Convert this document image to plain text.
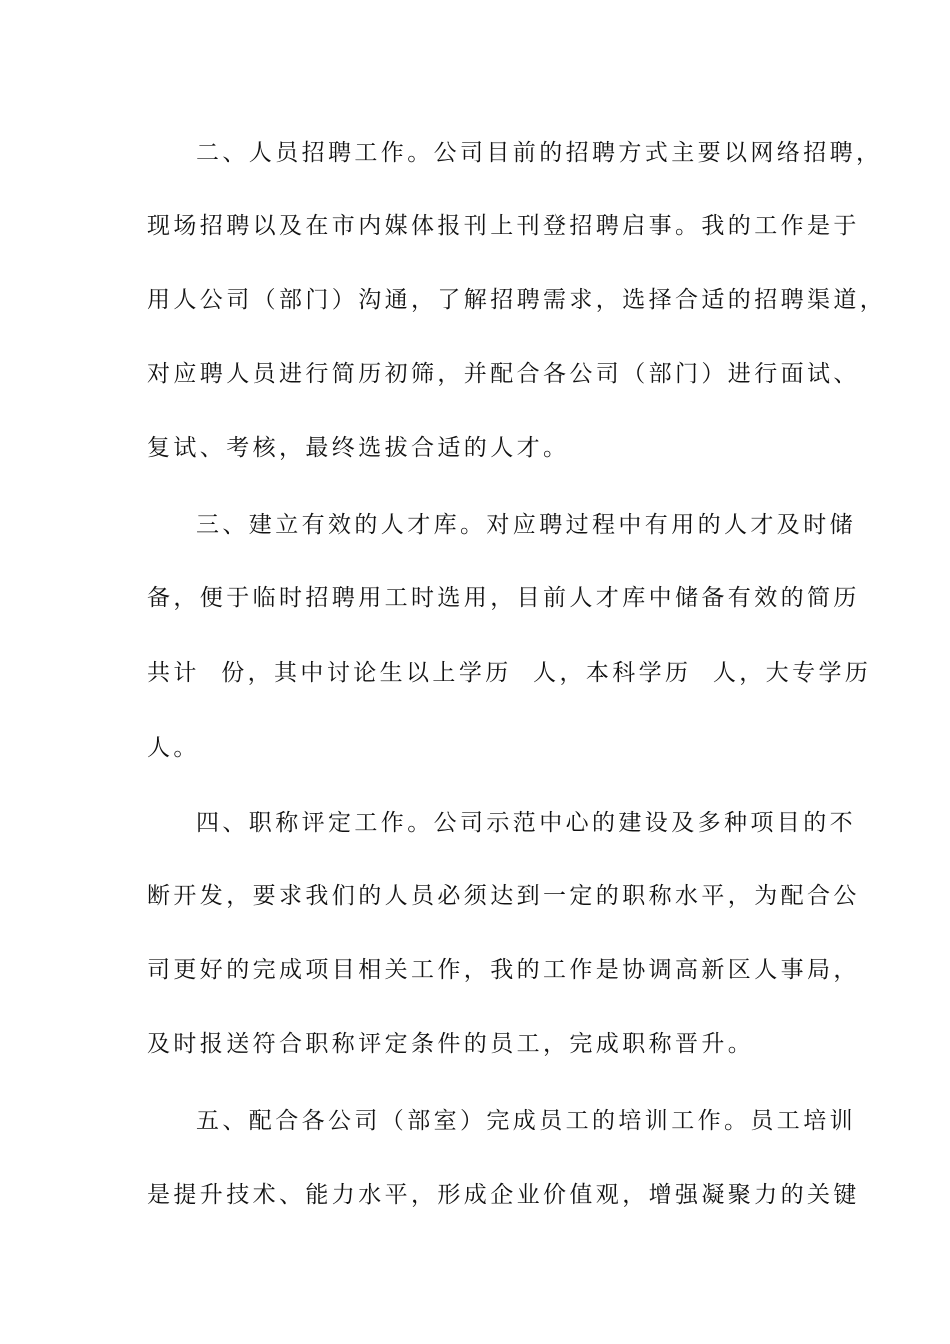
二、人员招聘工作。公司目前的招聘方式主要以网络招聘，
现场招聘以及在市内媒体报刊上刊登招聘启事。我的工作是于
用人公司（部门）沟通，了解招聘需求，选择合适的招聘渠道，
对应聘人员进行简历初筛，并配合各公司（部门）进行面试、
复试、考核，最终选拔合适的人才。
三、建立有效的人才库。对应聘过程中有用的人才及时储
备，便于临时招聘用工时选用，目前人才库中储备有效的简历
共计  份，其中讨论生以上学历  人，本科学历  人，大专学历
人。
四、职称评定工作。公司示范中心的建设及多种项目的不
断开发，要求我们的人员必须达到一定的职称水平，为配合公
司更好的完成项目相关工作，我的工作是协调高新区人事局，
及时报送符合职称评定条件的员工，完成职称晋升。
五、配合各公司（部室）完成员工的培训工作。员工培训
是提升技术、能力水平，形成企业价值观，增强凝聚力的关键
